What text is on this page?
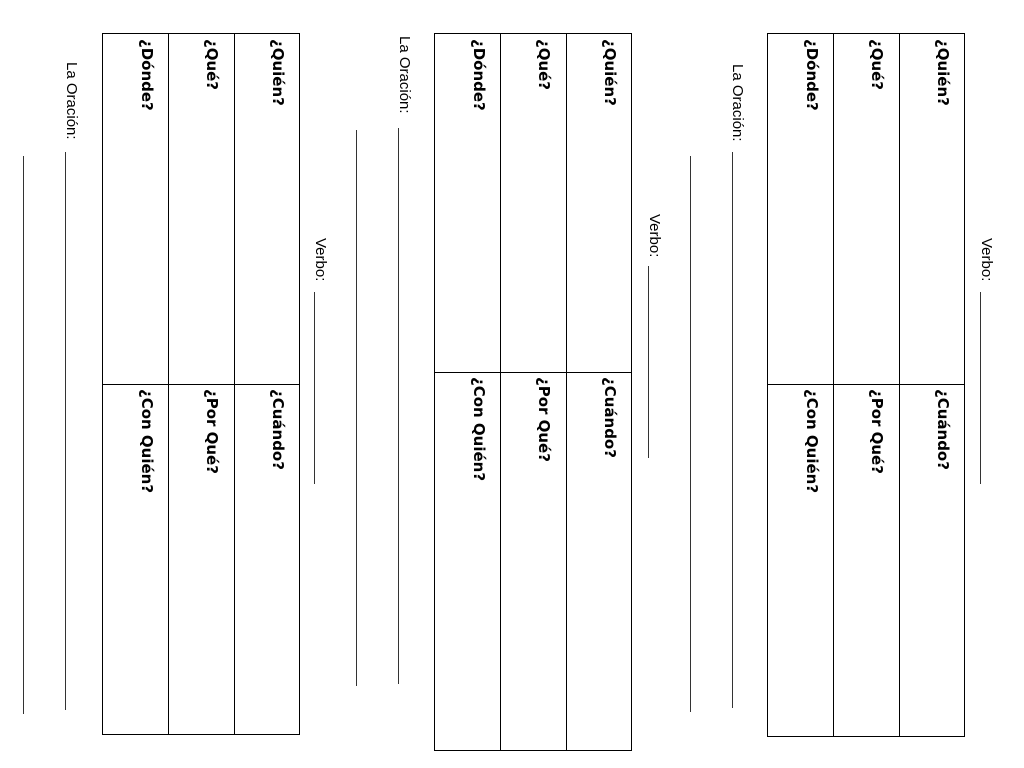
Verbo:
¿Quién?
¿Qué?
¿Dónde?
¿Cuándo?
¿Por Qué?
¿Con Quién?
La Oración:
Verbo:
¿Quién?
¿Qué?
¿Dónde?
¿Cuándo?
¿Por Qué?
¿Con Quién?
La Oración:
Verbo:
¿Quién?
¿Qué?
¿Dónde?
¿Cuándo?
¿Por Qué?
¿Con Quién?
La Oración:
